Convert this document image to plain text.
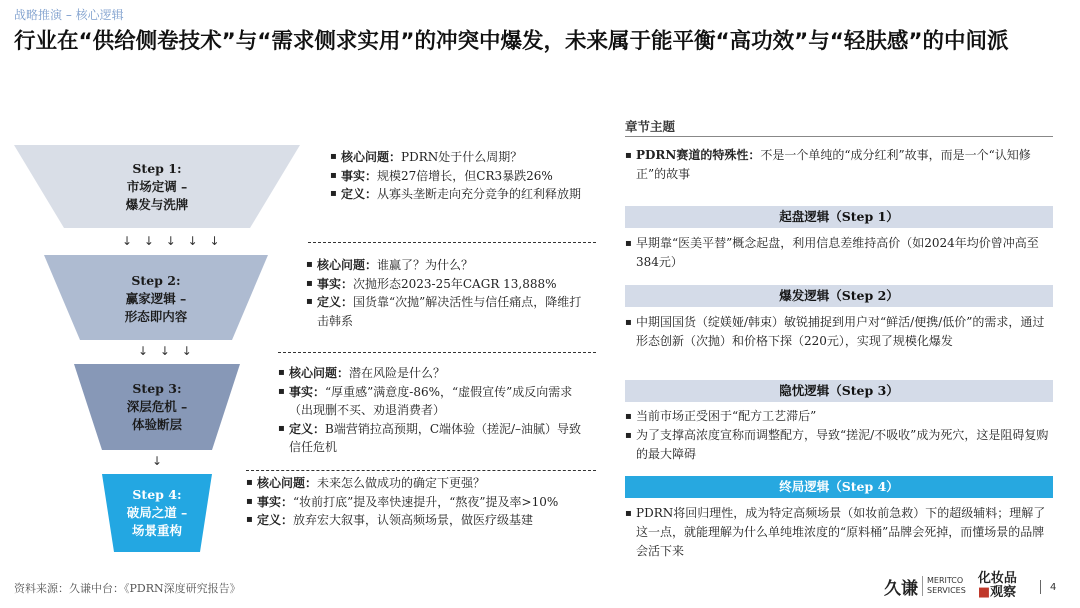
战略推演 – 核心逻辑
行业在“供给侧卷技术”与“需求侧求实用”的冲突中爆发，未来属于能平衡“高功效”与“轻肤感”的中间派
Step 1:
市场定调 –
爆发与洗牌
Step 2:
赢家逻辑 –
形态即内容
Step 3:
深层危机 –
体验断层
Step 4:
破局之道 –
场景重构
↓ ↓ ↓ ↓ ↓
↓ ↓ ↓
↓
▪ 核心问题：PDRN处于什么周期？
▪ 事实：规模27倍增长，但CR3暴跌26%
▪ 定义：从寡头垄断走向充分竞争的红利释放期
▪ 核心问题：谁赢了？为什么？
▪ 事实：次抛形态2023-25年CAGR 13,888%
▪ 定义：国货靠“次抛”解决活性与信任痛点，降维打击韩系
▪ 核心问题：潜在风险是什么？
▪ 事实：“厚重感”满意度-86%，“虚假宣传”成反向需求（出现删不买、劝退消费者）
▪ 定义：B端营销拉高预期，C端体验（搓泥/–油腻）导致信任危机
▪ 核心问题：未来怎么做成功的确定下更强？
▪ 事实：“妆前打底”提及率快速提升，“熬夜”提及率>10%
▪ 定义：放弃宏大叙事，认领高频场景，做医疗级基建
章节主题
▪ PDRN赛道的特殊性：不是一个单纯的“成分红利”故事，而是一个“认知修正”的故事
起盘逻辑（Step 1）
▪ 早期靠“医美平替”概念起盘，利用信息差维持高价（如2024年均价曾冲高至384元）
爆发逻辑（Step 2）
▪ 中期国国货（绽媄娅/韩束）敏锐捕捉到用户对“鲜活/便携/低价”的需求，通过形态创新（次抛）和价格下探（220元），实现了规模化爆发
隐忧逻辑（Step 3）
▪ 当前市场正受困于“配方工艺滞后”
▪ 为了支撑高浓度宣称而调整配方，导致“搓泥/不吸收”成为死穴，这是阻碍复购的最大障碍
终局逻辑（Step 4）
▪ PDRN将回归理性，成为特定高频场景（如妆前急救）下的超级辅料；理解了这一点，就能理解为什么单纯堆浓度的“原料桶”品牌会死掉，而懂场景的品牌会活下来
资料来源：久谦中台：《PDRN深度研究报告》	久谦	MERITCO
SERVICES
化妆品
■观察	4
